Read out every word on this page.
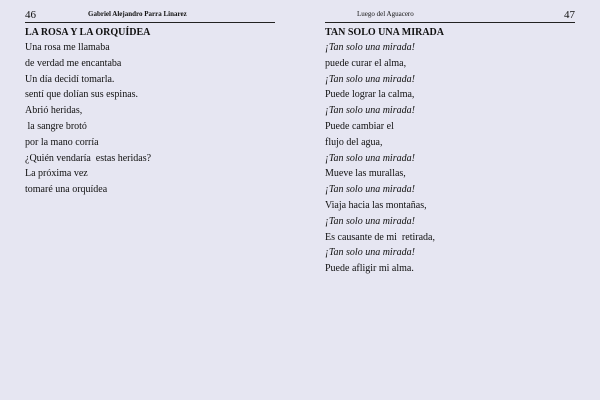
46	Gabriel Alejandro Parra Linarez
LA ROSA Y LA ORQUÍDEA
Una rosa me llamaba
de verdad me encantaba
Un día decidí tomarla.
sentí que dolían sus espinas.
Abrió heridas,
la sangre brotó
por la mano corría
¿Quién vendaría  estas heridas?
La próxima vez
tomaré una orquídea
Luego del Aguacero	47
TAN SOLO UNA MIRADA
¡Tan solo una mirada!
puede curar el alma,
¡Tan solo una mirada!
Puede lograr la calma,
¡Tan solo una mirada!
Puede cambiar el
flujo del agua,
¡Tan solo una mirada!
Mueve las murallas,
¡Tan solo una mirada!
Viaja hacia las montañas,
¡Tan solo una mirada!
Es causante de mi  retirada,
¡Tan solo una mirada!
Puede afligir mi alma.
